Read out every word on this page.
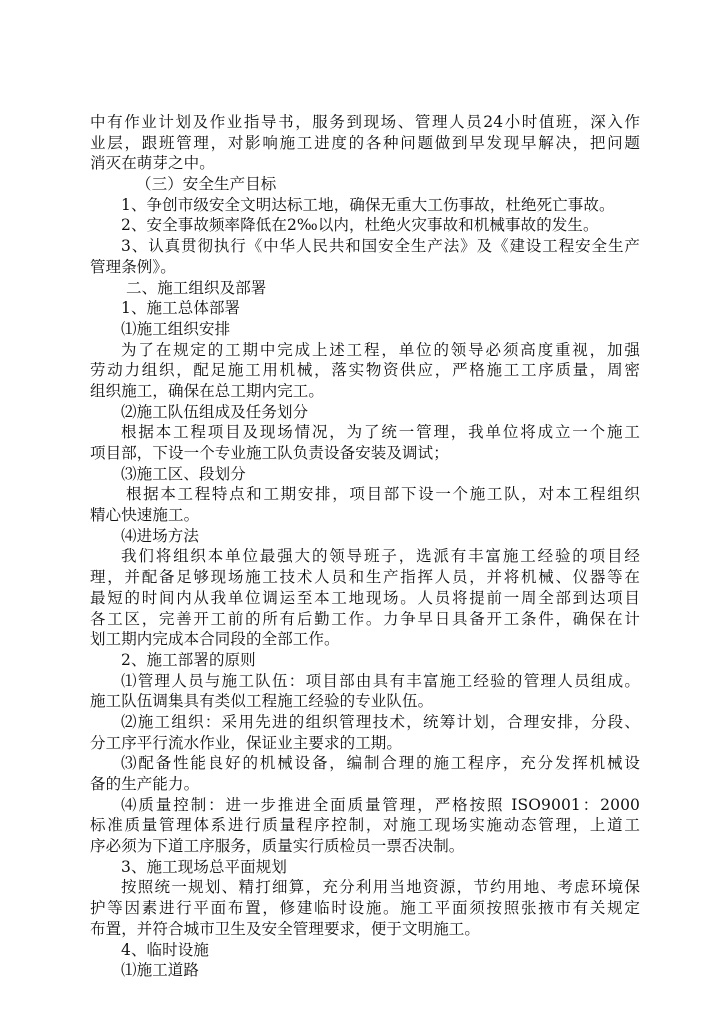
中有作业计划及作业指导书，服务到现场、管理人员24小时值班，深入作
业层，跟班管理，对影响施工进度的各种问题做到早发现早解决，把问题
消灭在萌芽之中。
（三）安全生产目标
1、争创市级安全文明达标工地，确保无重大工伤事故，杜绝死亡事故。
2、安全事故频率降低在2‰以内，杜绝火灾事故和机械事故的发生。
3、认真贯彻执行《中华人民共和国安全生产法》及《建设工程安全生产
管理条例》。
二、施工组织及部署
1、施工总体部署
⑴施工组织安排
为了在规定的工期中完成上述工程，单位的领导必须高度重视，加强
劳动力组织，配足施工用机械，落实物资供应，严格施工工序质量，周密
组织施工，确保在总工期内完工。
⑵施工队伍组成及任务划分
根据本工程项目及现场情况，为了统一管理，我单位将成立一个施工
项目部，下设一个专业施工队负责设备安装及调试；
⑶施工区、段划分
根据本工程特点和工期安排，项目部下设一个施工队，对本工程组织
精心快速施工。
⑷进场方法
我们将组织本单位最强大的领导班子，选派有丰富施工经验的项目经
理，并配备足够现场施工技术人员和生产指挥人员，并将机械、仪器等在
最短的时间内从我单位调运至本工地现场。人员将提前一周全部到达项目
各工区，完善开工前的所有后勤工作。力争早日具备开工条件，确保在计
划工期内完成本合同段的全部工作。
2、施工部署的原则
⑴管理人员与施工队伍：项目部由具有丰富施工经验的管理人员组成。
施工队伍调集具有类似工程施工经验的专业队伍。
⑵施工组织：采用先进的组织管理技术，统筹计划，合理安排，分段、
分工序平行流水作业，保证业主要求的工期。
⑶配备性能良好的机械设备，编制合理的施工程序，充分发挥机械设
备的生产能力。
⑷质量控制：进一步推进全面质量管理，严格按照 ISO9001：2000
标准质量管理体系进行质量程序控制，对施工现场实施动态管理，上道工
序必须为下道工序服务，质量实行质检员一票否决制。
3、施工现场总平面规划
按照统一规划、精打细算，充分利用当地资源，节约用地、考虑环境保
护等因素进行平面布置，修建临时设施。施工平面须按照张掖市有关规定
布置，并符合城市卫生及安全管理要求，便于文明施工。
4、临时设施
⑴施工道路
